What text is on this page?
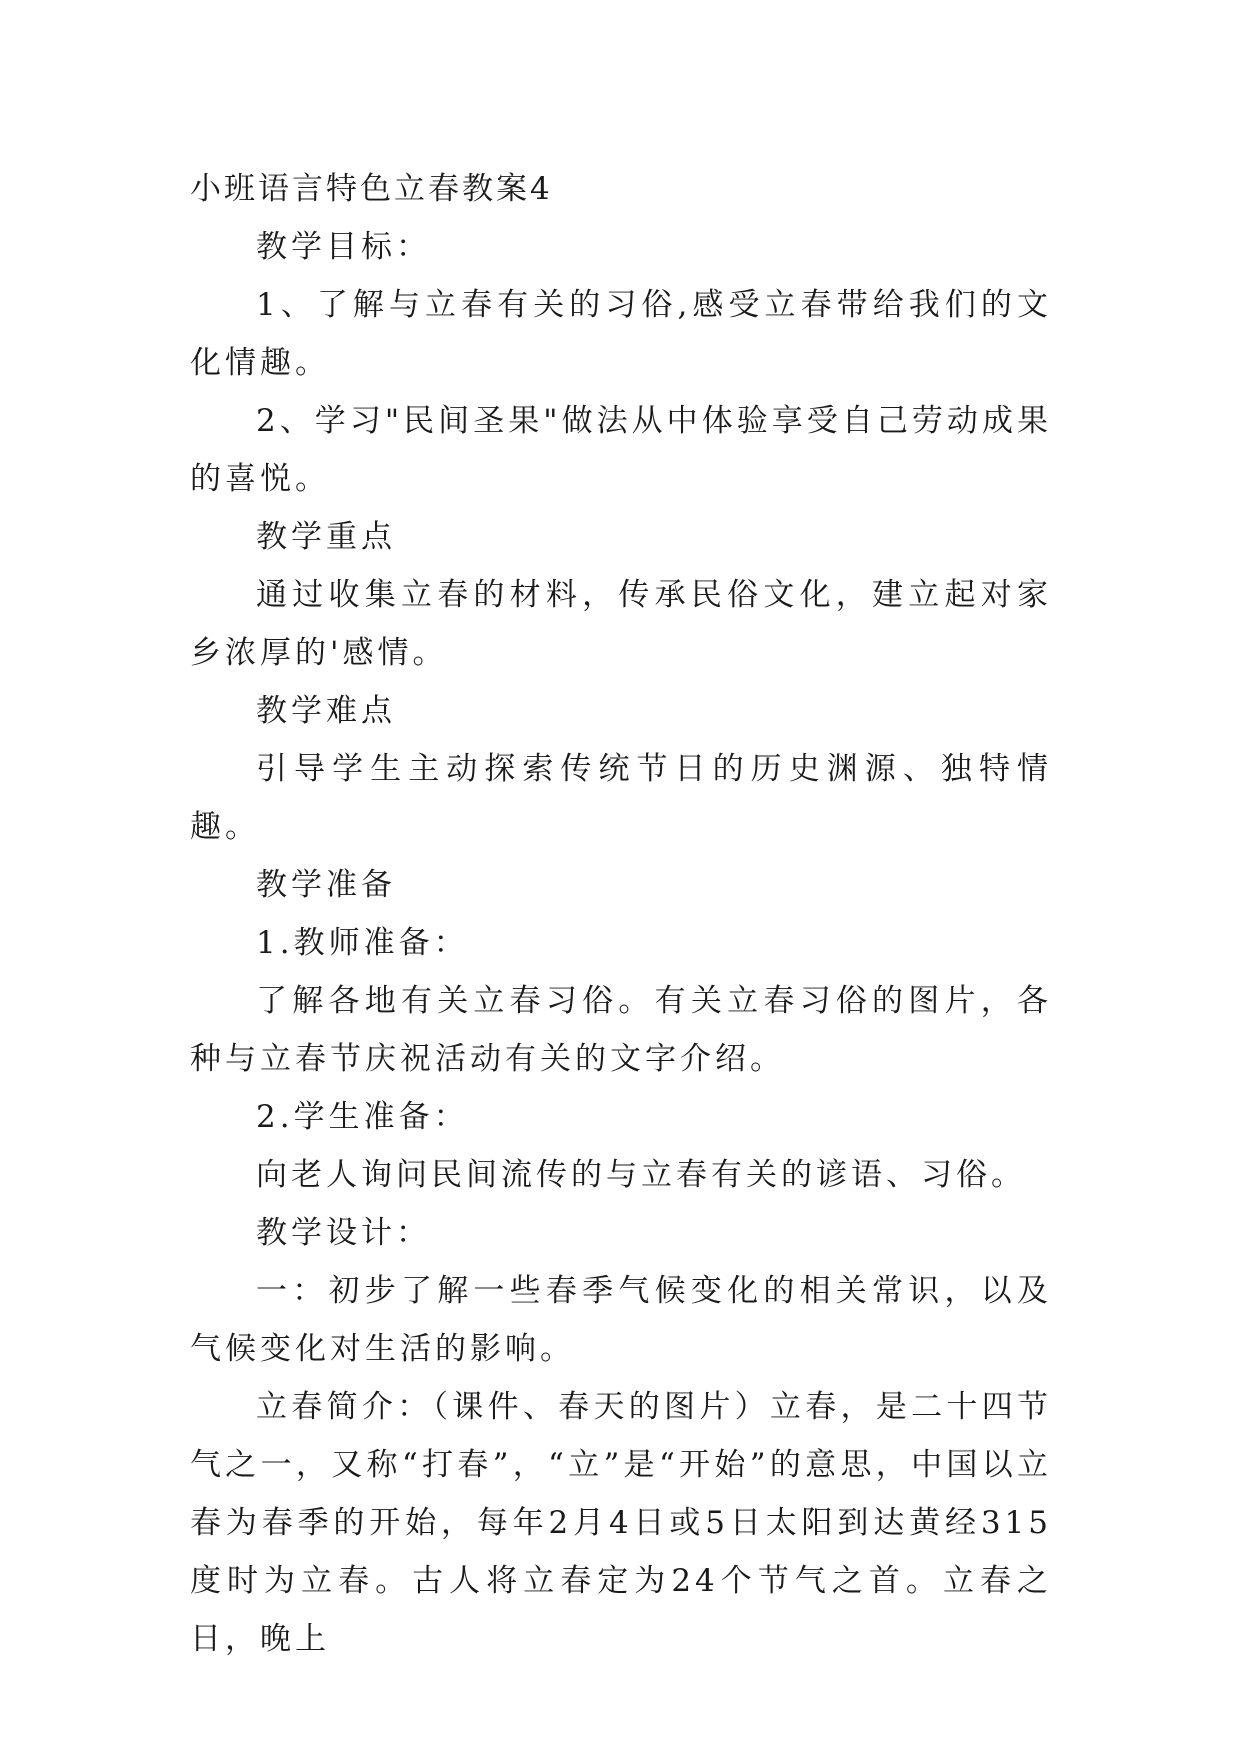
小班语言特色立春教案4
教学目标：

1、了解与立春有关的习俗,感受立春带给我们的文化情趣。

2、学习"民间圣果"做法从中体验享受自己劳动成果的喜悦。

教学重点

通过收集立春的材料，传承民俗文化，建立起对家乡浓厚的'感情。

教学难点

引导学生主动探索传统节日的历史渊源、独特情趣。

教学准备
1.教师准备：

了解各地有关立春习俗。有关立春习俗的图片，各种与立春节庆祝活动有关的文字介绍。

2.学生准备：

向老人询问民间流传的与立春有关的谚语、习俗。

教学设计：

一：初步了解一些春季气候变化的相关常识，以及气候变化对生活的影响。

立春简介：（课件、春天的图片）立春，是二十四节气之一，又称“打春”，“立”是“开始”的意思，中国以立春为春季的开始，每年2月4日或5日太阳到达黄经315度时为立春。古人将立春定为24个节气之首。立春之日，晚上
